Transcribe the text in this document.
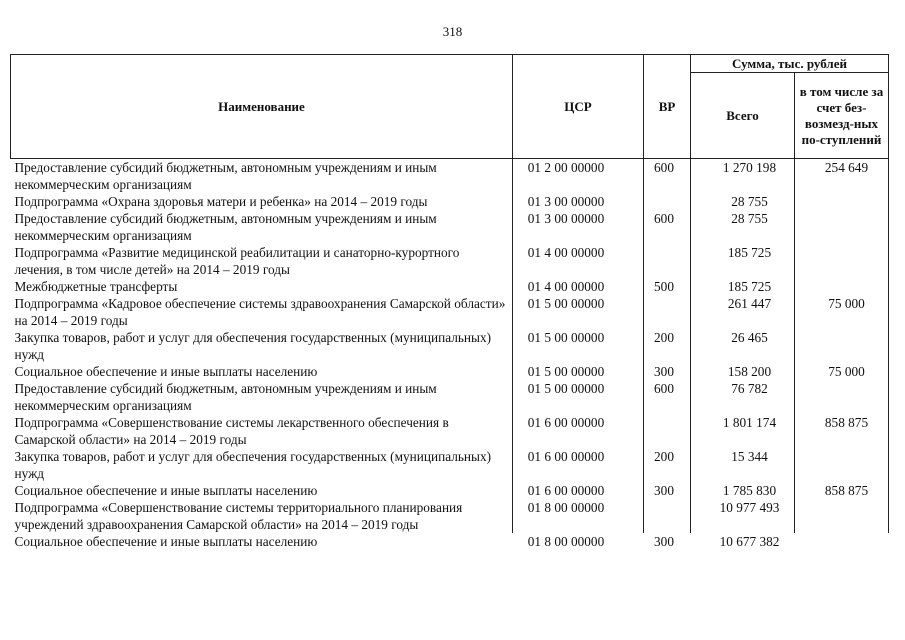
318
Наименование	ЦСР	ВР	Сумма, тыс. рублей	
			Всего	в том числе за счет без-возмезд-ных по-ступлений
Предоставление субсидий бюджетным, автономным учреждениям и иным некоммерческим организациям	01 2 00 00000	600	1 270 198	254 649
Подпрограмма «Охрана здоровья матери и ребенка» на 2014 – 2019 годы	01 3 00 00000		28 755	
Предоставление субсидий бюджетным, автономным учреждениям и иным некоммерческим организациям	01 3 00 00000	600	28 755	
Подпрограмма «Развитие медицинской реабилитации и санаторно-курортного лечения, в том числе детей» на 2014 – 2019 годы	01 4 00 00000		185 725	
Межбюджетные трансферты	01 4 00 00000	500	185 725	
Подпрограмма «Кадровое обеспечение системы здравоохранения Самарской области» на 2014 – 2019 годы	01 5 00 00000		261 447	75 000
Закупка товаров, работ и услуг для обеспечения государственных (муниципальных) нужд	01 5 00 00000	200	26 465	
Социальное обеспечение и иные выплаты населению	01 5 00 00000	300	158 200	75 000
Предоставление субсидий бюджетным, автономным учреждениям и иным некоммерческим организациям	01 5 00 00000	600	76 782	
Подпрограмма «Совершенствование системы лекарственного обеспечения в Самарской области» на 2014 – 2019 годы	01 6 00 00000		1 801 174	858 875
Закупка товаров, работ и услуг для обеспечения государственных (муниципальных) нужд	01 6 00 00000	200	15 344	
Социальное обеспечение и иные выплаты населению	01 6 00 00000	300	1 785 830	858 875
Подпрограмма «Совершенствование системы территориального планирования учреждений здравоохранения Самарской области» на 2014 – 2019 годы	01 8 00 00000		10 977 493	
Социальное обеспечение и иные выплаты населению	01 8 00 00000	300	10 677 382	
